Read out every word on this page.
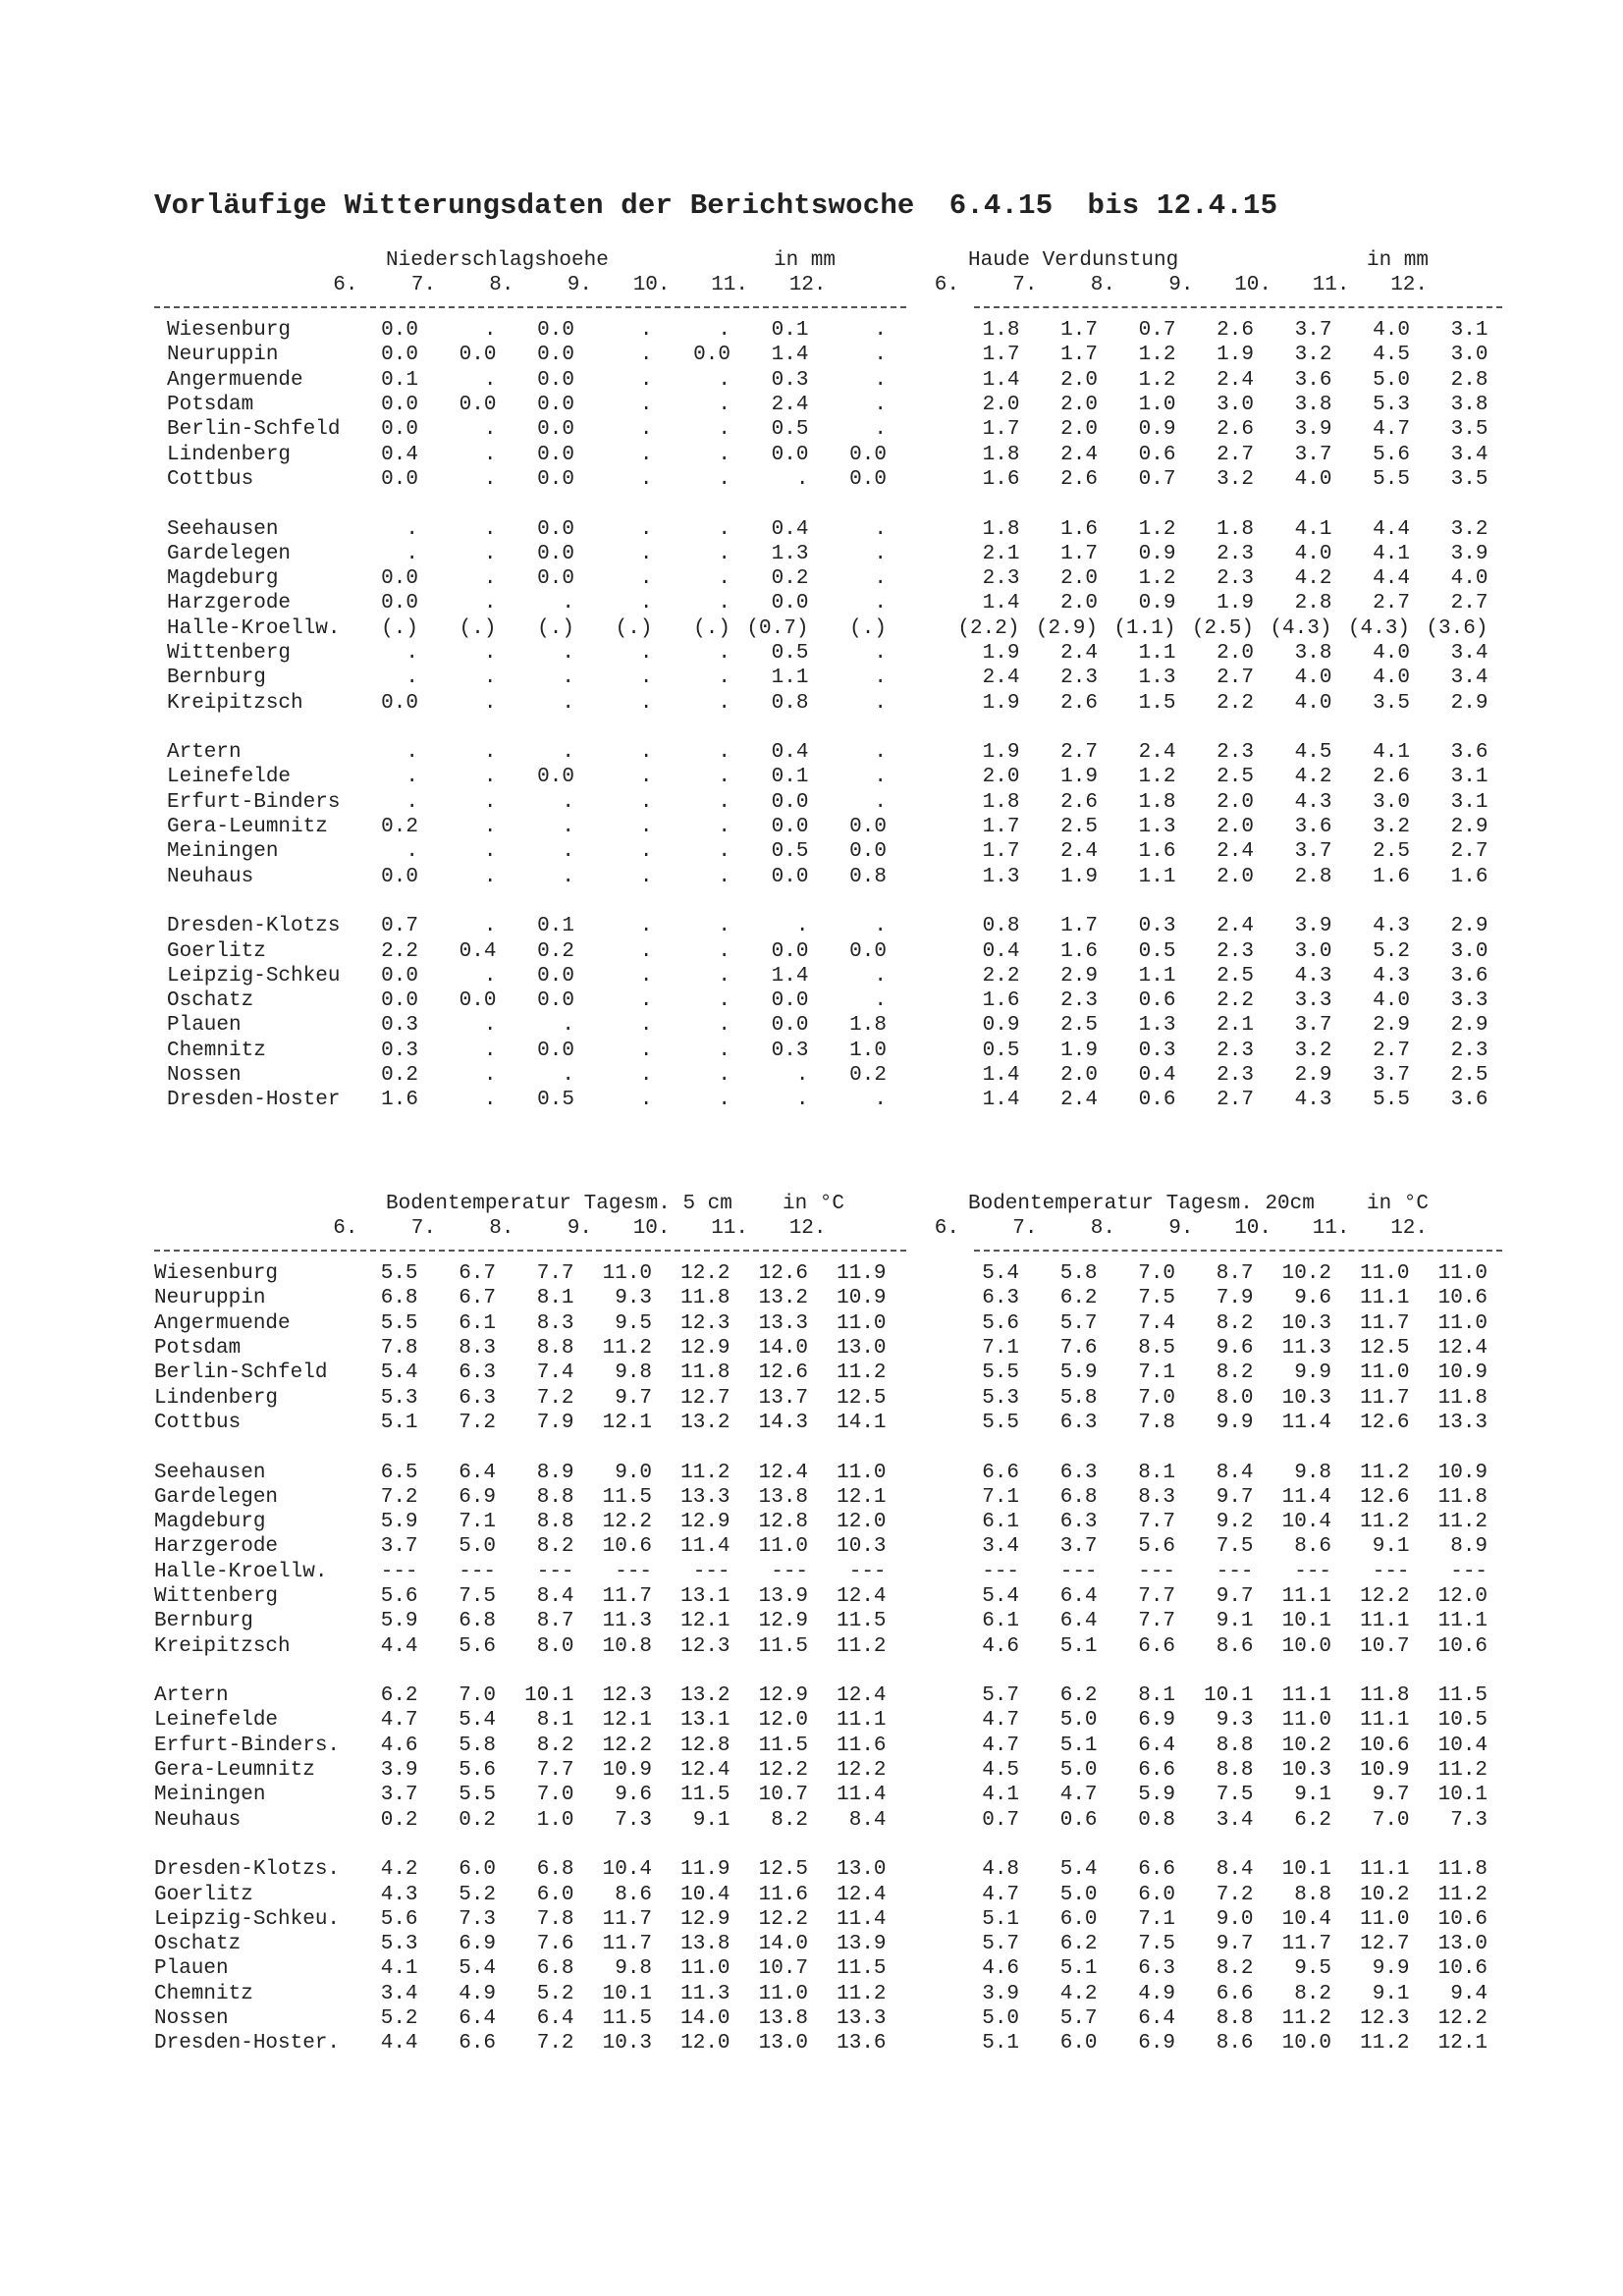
Vorläufige Witterungsdaten der Berichtswoche  6.4.15  bis 12.4.15
Niederschlagshoehe	in mm	Haude Verdunstung	in mm
6.	7.	8.	9.	10.	11.	12.	6.	7.	8.	9.	10.	11.	12.
Wiesenburg	0.0	.	0.0	.	.	0.1	.		1.8	1.7	0.7	2.6	3.7	4.0	3.1
Neuruppin	0.0	0.0	0.0	.	0.0	1.4	.		1.7	1.7	1.2	1.9	3.2	4.5	3.0
Angermuende	0.1	.	0.0	.	.	0.3	.		1.4	2.0	1.2	2.4	3.6	5.0	2.8
Potsdam	0.0	0.0	0.0	.	.	2.4	.		2.0	2.0	1.0	3.0	3.8	5.3	3.8
Berlin-Schfeld	0.0	.	0.0	.	.	0.5	.		1.7	2.0	0.9	2.6	3.9	4.7	3.5
Lindenberg	0.4	.	0.0	.	.	0.0	0.0		1.8	2.4	0.6	2.7	3.7	5.6	3.4
Cottbus	0.0	.	0.0	.	.	.	0.0		1.6	2.6	0.7	3.2	4.0	5.5	3.5

Seehausen	.	.	0.0	.	.	0.4	.		1.8	1.6	1.2	1.8	4.1	4.4	3.2
Gardelegen	.	.	0.0	.	.	1.3	.		2.1	1.7	0.9	2.3	4.0	4.1	3.9
Magdeburg	0.0	.	0.0	.	.	0.2	.		2.3	2.0	1.2	2.3	4.2	4.4	4.0
Harzgerode	0.0	.	.	.	.	0.0	.		1.4	2.0	0.9	1.9	2.8	2.7	2.7
Halle-Kroellw.	(.)	(.)	(.)	(.)	(.)	(0.7)	(.)		(2.2)	(2.9)	(1.1)	(2.5)	(4.3)	(4.3)	(3.6)
Wittenberg	.	.	.	.	.	0.5	.		1.9	2.4	1.1	2.0	3.8	4.0	3.4
Bernburg	.	.	.	.	.	1.1	.		2.4	2.3	1.3	2.7	4.0	4.0	3.4
Kreipitzsch	0.0	.	.	.	.	0.8	.		1.9	2.6	1.5	2.2	4.0	3.5	2.9

Artern	.	.	.	.	.	0.4	.		1.9	2.7	2.4	2.3	4.5	4.1	3.6
Leinefelde	.	.	0.0	.	.	0.1	.		2.0	1.9	1.2	2.5	4.2	2.6	3.1
Erfurt-Binders	.	.	.	.	.	0.0	.		1.8	2.6	1.8	2.0	4.3	3.0	3.1
Gera-Leumnitz	0.2	.	.	.	.	0.0	0.0		1.7	2.5	1.3	2.0	3.6	3.2	2.9
Meiningen	.	.	.	.	.	0.5	0.0		1.7	2.4	1.6	2.4	3.7	2.5	2.7
Neuhaus	0.0	.	.	.	.	0.0	0.8		1.3	1.9	1.1	2.0	2.8	1.6	1.6

Dresden-Klotzs	0.7	.	0.1	.	.	.	.		0.8	1.7	0.3	2.4	3.9	4.3	2.9
Goerlitz	2.2	0.4	0.2	.	.	0.0	0.0		0.4	1.6	0.5	2.3	3.0	5.2	3.0
Leipzig-Schkeu	0.0	.	0.0	.	.	1.4	.		2.2	2.9	1.1	2.5	4.3	4.3	3.6
Oschatz	0.0	0.0	0.0	.	.	0.0	.		1.6	2.3	0.6	2.2	3.3	4.0	3.3
Plauen	0.3	.	.	.	.	0.0	1.8		0.9	2.5	1.3	2.1	3.7	2.9	2.9
Chemnitz	0.3	.	0.0	.	.	0.3	1.0		0.5	1.9	0.3	2.3	3.2	2.7	2.3
Nossen	0.2	.	.	.	.	.	0.2		1.4	2.0	0.4	2.3	2.9	3.7	2.5
Dresden-Hoster	1.6	.	0.5	.	.	.	.		1.4	2.4	0.6	2.7	4.3	5.5	3.6
Bodentemperatur Tagesm. 5 cm in °C	Bodentemperatur Tagesm. 20cm	in °C
6.	7.	8.	9.	10.	11.	12.	6.	7.	8.	9.	10.	11.	12.
Wiesenburg	5.5	6.7	7.7	11.0	12.2	12.6	11.9		5.4	5.8	7.0	8.7	10.2	11.0	11.0
Neuruppin	6.8	6.7	8.1	9.3	11.8	13.2	10.9		6.3	6.2	7.5	7.9	9.6	11.1	10.6
Angermuende	5.5	6.1	8.3	9.5	12.3	13.3	11.0		5.6	5.7	7.4	8.2	10.3	11.7	11.0
Potsdam	7.8	8.3	8.8	11.2	12.9	14.0	13.0		7.1	7.6	8.5	9.6	11.3	12.5	12.4
Berlin-Schfeld	5.4	6.3	7.4	9.8	11.8	12.6	11.2		5.5	5.9	7.1	8.2	9.9	11.0	10.9
Lindenberg	5.3	6.3	7.2	9.7	12.7	13.7	12.5		5.3	5.8	7.0	8.0	10.3	11.7	11.8
Cottbus	5.1	7.2	7.9	12.1	13.2	14.3	14.1		5.5	6.3	7.8	9.9	11.4	12.6	13.3

Seehausen	6.5	6.4	8.9	9.0	11.2	12.4	11.0		6.6	6.3	8.1	8.4	9.8	11.2	10.9
Gardelegen	7.2	6.9	8.8	11.5	13.3	13.8	12.1		7.1	6.8	8.3	9.7	11.4	12.6	11.8
Magdeburg	5.9	7.1	8.8	12.2	12.9	12.8	12.0		6.1	6.3	7.7	9.2	10.4	11.2	11.2
Harzgerode	3.7	5.0	8.2	10.6	11.4	11.0	10.3		3.4	3.7	5.6	7.5	8.6	9.1	8.9
Halle-Kroellw.	---	---	---	---	---	---	---		---	---	---	---	---	---	---
Wittenberg	5.6	7.5	8.4	11.7	13.1	13.9	12.4		5.4	6.4	7.7	9.7	11.1	12.2	12.0
Bernburg	5.9	6.8	8.7	11.3	12.1	12.9	11.5		6.1	6.4	7.7	9.1	10.1	11.1	11.1
Kreipitzsch	4.4	5.6	8.0	10.8	12.3	11.5	11.2		4.6	5.1	6.6	8.6	10.0	10.7	10.6

Artern	6.2	7.0	10.1	12.3	13.2	12.9	12.4		5.7	6.2	8.1	10.1	11.1	11.8	11.5
Leinefelde	4.7	5.4	8.1	12.1	13.1	12.0	11.1		4.7	5.0	6.9	9.3	11.0	11.1	10.5
Erfurt-Binders.	4.6	5.8	8.2	12.2	12.8	11.5	11.6		4.7	5.1	6.4	8.8	10.2	10.6	10.4
Gera-Leumnitz	3.9	5.6	7.7	10.9	12.4	12.2	12.2		4.5	5.0	6.6	8.8	10.3	10.9	11.2
Meiningen	3.7	5.5	7.0	9.6	11.5	10.7	11.4		4.1	4.7	5.9	7.5	9.1	9.7	10.1
Neuhaus	0.2	0.2	1.0	7.3	9.1	8.2	8.4		0.7	0.6	0.8	3.4	6.2	7.0	7.3

Dresden-Klotzs.	4.2	6.0	6.8	10.4	11.9	12.5	13.0		4.8	5.4	6.6	8.4	10.1	11.1	11.8
Goerlitz	4.3	5.2	6.0	8.6	10.4	11.6	12.4		4.7	5.0	6.0	7.2	8.8	10.2	11.2
Leipzig-Schkeu.	5.6	7.3	7.8	11.7	12.9	12.2	11.4		5.1	6.0	7.1	9.0	10.4	11.0	10.6
Oschatz	5.3	6.9	7.6	11.7	13.8	14.0	13.9		5.7	6.2	7.5	9.7	11.7	12.7	13.0
Plauen	4.1	5.4	6.8	9.8	11.0	10.7	11.5		4.6	5.1	6.3	8.2	9.5	9.9	10.6
Chemnitz	3.4	4.9	5.2	10.1	11.3	11.0	11.2		3.9	4.2	4.9	6.6	8.2	9.1	9.4
Nossen	5.2	6.4	6.4	11.5	14.0	13.8	13.3		5.0	5.7	6.4	8.8	11.2	12.3	12.2
Dresden-Hoster.	4.4	6.6	7.2	10.3	12.0	13.0	13.6		5.1	6.0	6.9	8.6	10.0	11.2	12.1
